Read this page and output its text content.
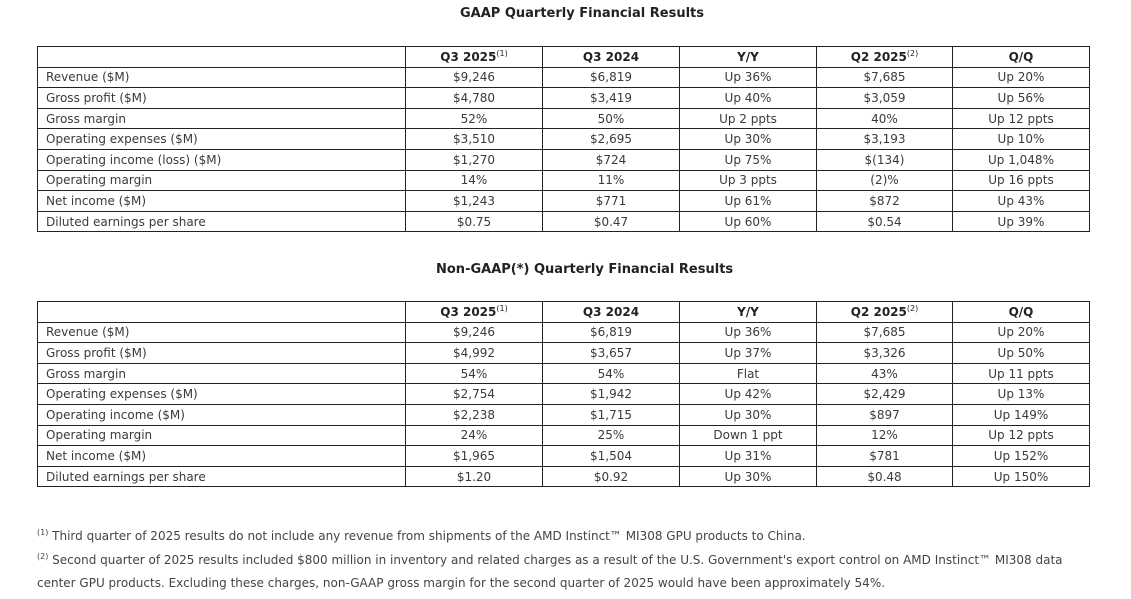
GAAP Quarterly Financial Results
	Q3 2025$^{(1)}$	Q3 2024	Y/Y	Q2 2025$^{(2)}$	Q/Q
Revenue ($M)	$9,246	$6,819	Up 36%	$7,685	Up 20%
Gross profit ($M)	$4,780	$3,419	Up 40%	$3,059	Up 56%
Gross margin	52%	50%	Up 2 ppts	40%	Up 12 ppts
Operating expenses ($M)	$3,510	$2,695	Up 30%	$3,193	Up 10%
Operating income (loss) ($M)	$1,270	$724	Up 75%	$(134)	Up 1,048%
Operating margin	14%	11%	Up 3 ppts	(2)%	Up 16 ppts
Net income ($M)	$1,243	$771	Up 61%	$872	Up 43%
Diluted earnings per share	$0.75	$0.47	Up 60%	$0.54	Up 39%
Non-GAAP(*) Quarterly Financial Results
	Q3 2025$^{(1)}$	Q3 2024	Y/Y	Q2 2025$^{(2)}$	Q/Q
Revenue ($M)	$9,246	$6,819	Up 36%	$7,685	Up 20%
Gross profit ($M)	$4,992	$3,657	Up 37%	$3,326	Up 50%
Gross margin	54%	54%	Flat	43%	Up 11 ppts
Operating expenses ($M)	$2,754	$1,942	Up 42%	$2,429	Up 13%
Operating income ($M)	$2,238	$1,715	Up 30%	$897	Up 149%
Operating margin	24%	25%	Down 1 ppt	12%	Up 12 ppts
Net income ($M)	$1,965	$1,504	Up 31%	$781	Up 152%
Diluted earnings per share	$1.20	$0.92	Up 30%	$0.48	Up 150%
$^{(1)}$ Third quarter of 2025 results do not include any revenue from shipments of the AMD Instinct™ MI308 GPU products to China.
$^{(2)}$ Second quarter of 2025 results included $800 million in inventory and related charges as a result of the U.S. Government's export control on AMD Instinct™ MI308 data center GPU products. Excluding these charges, non-GAAP gross margin for the second quarter of 2025 would have been approximately 54%.
